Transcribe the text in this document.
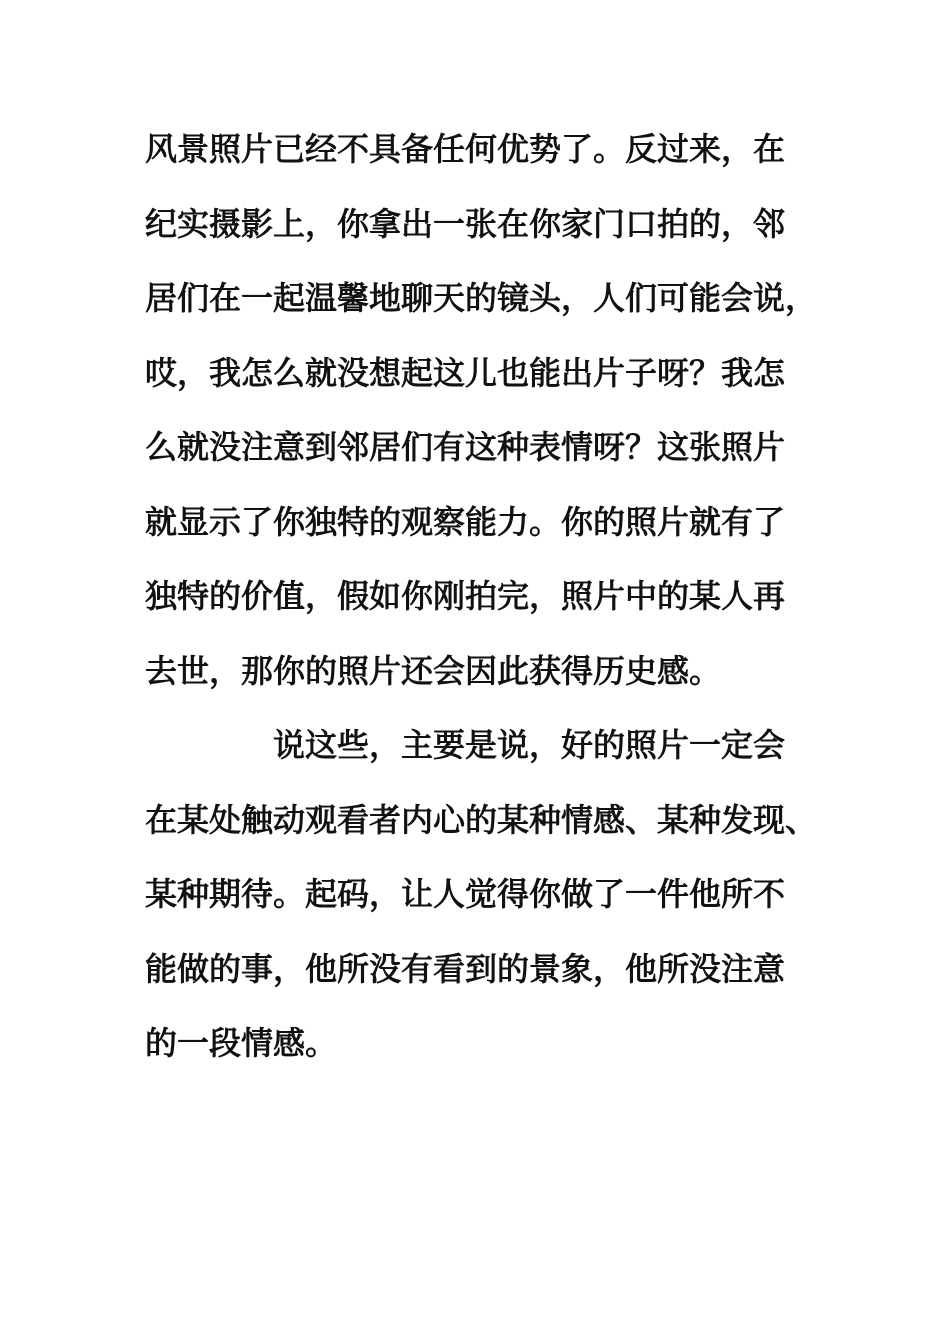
风景照片已经不具备任何优势了。反过来，在
纪实摄影上，你拿出一张在你家门口拍的，邻
居们在一起温馨地聊天的镜头，人们可能会说，
哎，我怎么就没想起这儿也能出片子呀？我怎
么就没注意到邻居们有这种表情呀？这张照片
就显示了你独特的观察能力。你的照片就有了
独特的价值，假如你刚拍完，照片中的某人再
去世，那你的照片还会因此获得历史感。
说这些，主要是说，好的照片一定会
在某处触动观看者内心的某种情感、某种发现、
某种期待。起码，让人觉得你做了一件他所不
能做的事，他所没有看到的景象，他所没注意
的一段情感。
